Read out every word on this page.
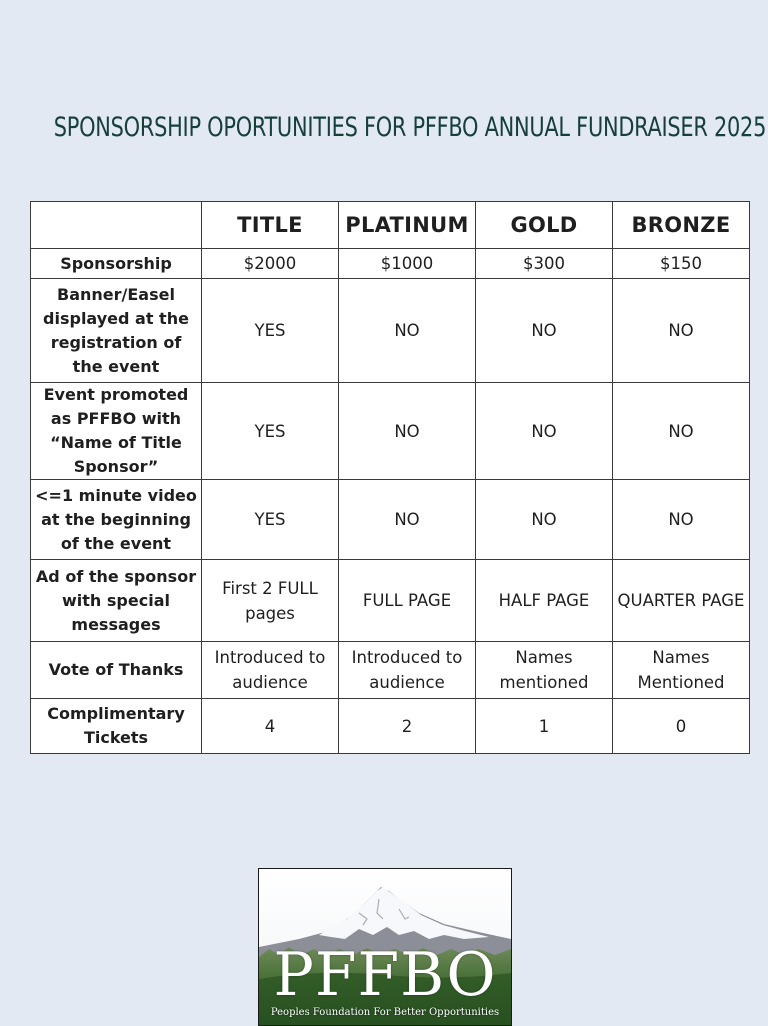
SPONSORSHIP OPORTUNITIES FOR PFFBO ANNUAL FUNDRAISER 2025
	TITLE	PLATINUM	GOLD	BRONZE
Sponsorship	$2000	$1000	$300	$150
Banner/Easel displayed at the registration of the event	YES	NO	NO	NO
Event promoted as PFFBO with “Name of Title Sponsor”	YES	NO	NO	NO
<=1 minute video at the beginning of the event	YES	NO	NO	NO
Ad of the sponsor with special messages	First 2 FULL pages	FULL PAGE	HALF PAGE	QUARTER PAGE
Vote of Thanks	Introduced to audience	Introduced to audience	Names mentioned	Names Mentioned
Complimentary Tickets	4	2	1	0
PFFBO
Peoples Foundation For Better Opportunities
